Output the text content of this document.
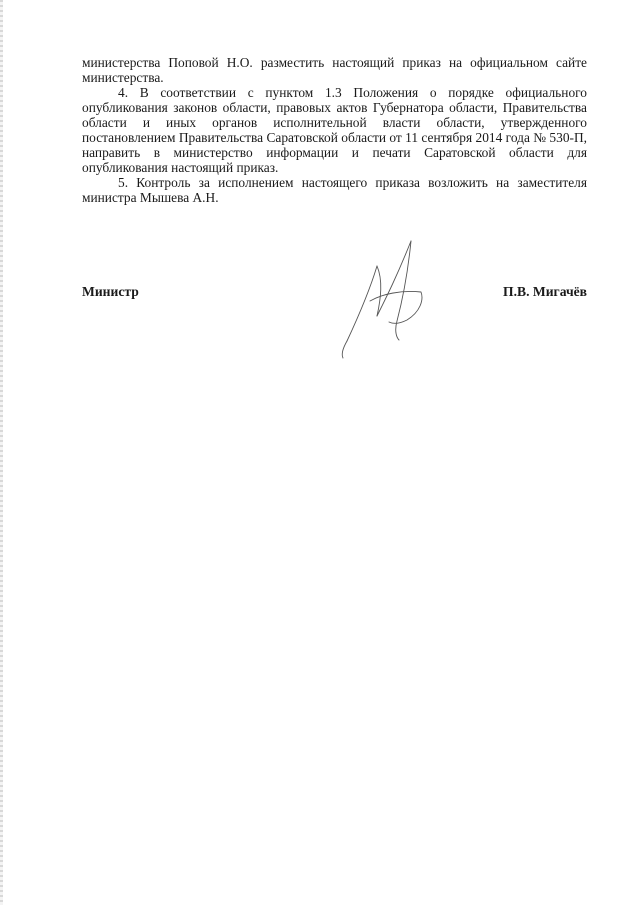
министерства Поповой Н.О. разместить настоящий приказ на официальном сайте министерства.

4. В соответствии с пунктом 1.3 Положения о порядке официального опубликования законов области, правовых актов Губернатора области, Правительства области и иных органов исполнительной власти области, утвержденного постановлением Правительства Саратовской области от 11 сентября 2014 года № 530-П, направить в министерство информации и печати Саратовской области для опубликования настоящий приказ.

5. Контроль за исполнением настоящего приказа возложить на заместителя министра Мышева А.Н.

Министр	П.В. Мигачёв
